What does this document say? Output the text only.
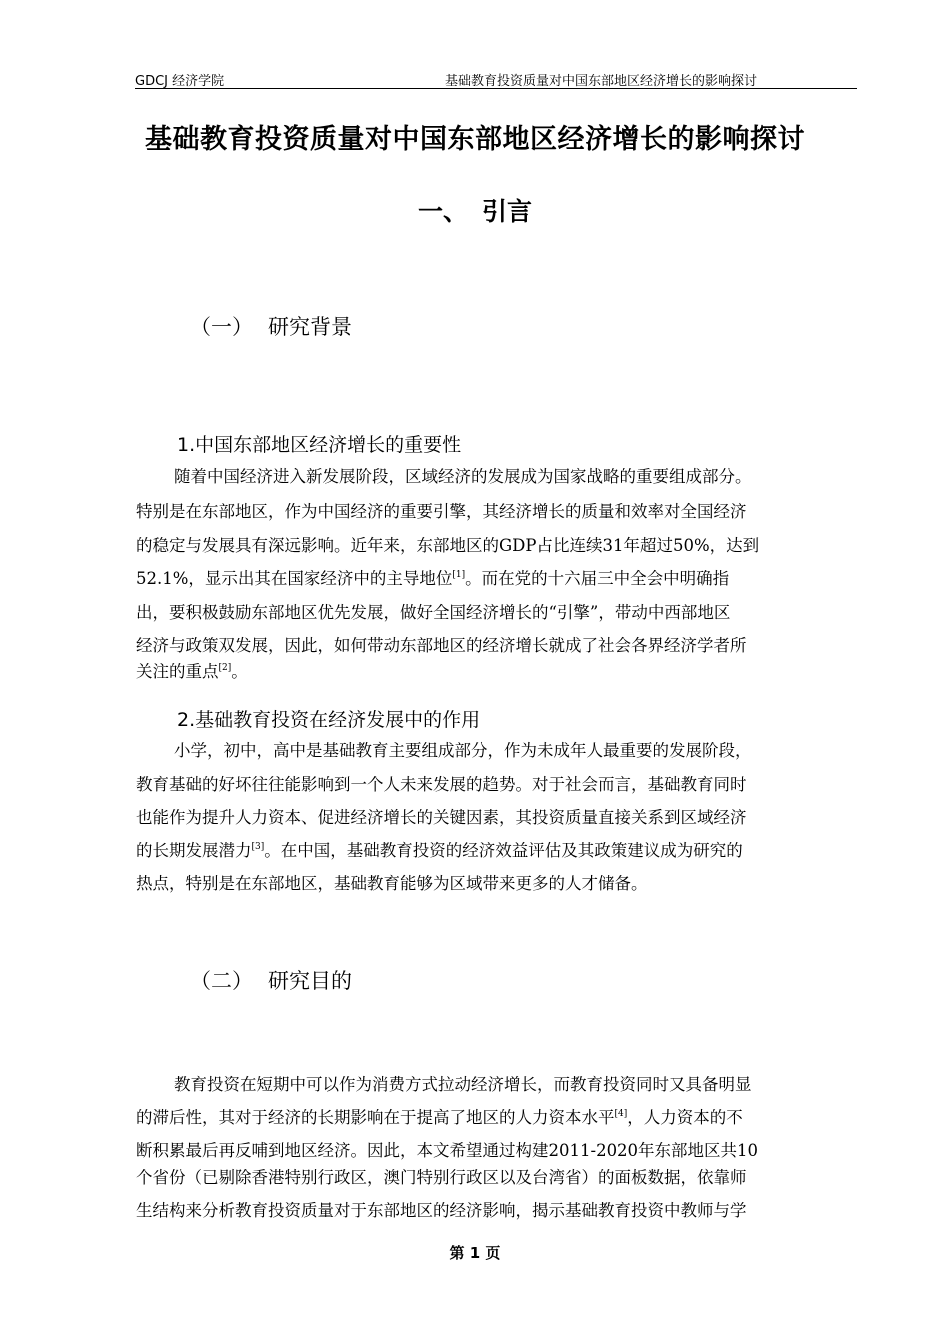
GDCJ 经济学院	基础教育投资质量对中国东部地区经济增长的影响探讨
基础教育投资质量对中国东部地区经济增长的影响探讨
一、 引言
（一） 研究背景
1.中国东部地区经济增长的重要性
随着中国经济进入新发展阶段，区域经济的发展成为国家战略的重要组成部分。
特别是在东部地区，作为中国经济的重要引擎，其经济增长的质量和效率对全国经济
的稳定与发展具有深远影响。近年来，东部地区的GDP占比连续31年超过50%，达到
52.1%，显示出其在国家经济中的主导地位[1]。而在党的十六届三中全会中明确指
出，要积极鼓励东部地区优先发展，做好全国经济增长的“引擎”，带动中西部地区
经济与政策双发展，因此，如何带动东部地区的经济增长就成了社会各界经济学者所
关注的重点[2]。
2.基础教育投资在经济发展中的作用
小学，初中，高中是基础教育主要组成部分，作为未成年人最重要的发展阶段，
教育基础的好坏往往能影响到一个人未来发展的趋势。对于社会而言，基础教育同时
也能作为提升人力资本、促进经济增长的关键因素，其投资质量直接关系到区域经济
的长期发展潜力[3]。在中国，基础教育投资的经济效益评估及其政策建议成为研究的
热点，特别是在东部地区，基础教育能够为区域带来更多的人才储备。
（二） 研究目的
教育投资在短期中可以作为消费方式拉动经济增长，而教育投资同时又具备明显
的滞后性，其对于经济的长期影响在于提高了地区的人力资本水平[4]，人力资本的不
断积累最后再反哺到地区经济。因此，本文希望通过构建2011-2020年东部地区共10
个省份（已剔除香港特别行政区，澳门特别行政区以及台湾省）的面板数据，依靠师
生结构来分析教育投资质量对于东部地区的经济影响，揭示基础教育投资中教师与学
第 1 页
